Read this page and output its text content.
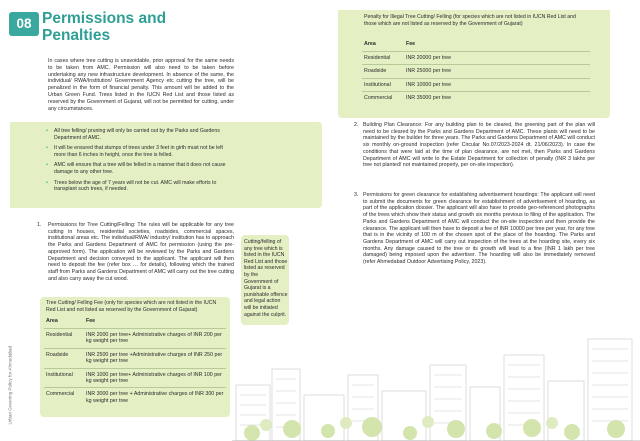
Urban Greening Policy for Ahmedabad
08 Permissions and
Penalties
In cases where tree cutting is unavoidable, prior approval for the same needs to be taken from AMC. Permission will also need to be taken before undertaking any new infrastructure development. In absence of the same, the individual/ RWA/Institution/ Government Agency etc cutting the tree, will be penalized in the form of financial penalty. This amount will be added to the Urban Green Fund. Trees listed in the IUCN Red List and those listed as reserved by the Government of Gujarat, will not be permitted for cutting, under any circumstances.
• All tree felling/ pruning will only be carried out by the Parks and Gardens Department of AMC.
• It will be ensured that stumps of trees under 3 feet in girth must not be left more than 6 inches in height, once the tree is felled.
• AMC will ensure that a tree will be felled in a manner that it does not cause damage to any other tree.
• Trees below the age of 7 years will not be cut. AMC will make efforts to transplant such trees, if needed.
1. Permissions for Tree Cutting/Felling: The rules will be applicable for any tree cutting in houses, residential societies, roadsides, commercial spaces, institutional areas etc. The individual/RWA/ industry/ institution has to approach the Parks and Gardens Department of AMC for permission (using the pre-approved form). The application will be reviewed by the Parks and Gardens Department and decision conveyed to the applicant. The applicant will then need to deposit the fee (refer box … for details), following which the trained staff from Parks and Gardens Department of AMC will carry out the tree cutting and also carry away the cut wood.
Tree Cutting/ Felling Fee (only for species which are not listed in the IUCN Red List and not listed as reserved by the Government of Gujarat)
Area	Fee
Residential	INR 2000 per tree+ Administrative charges of INR 200 per kg weight per tree
Roadside	INR 2500 per tree +Administrative charges of INR 250 per kg weight per tree
Institutional	INR 1000 per tree+ Administrative charges of INR 100 per kg weight per tree
Commercial	INR 3000 per tree + Administrative charges of INR 300 per kg weight per tree
Cutting/felling of any tree which is listed in the IUCN Red List and those listed as reserved by the Government of Gujarat is a punishable offence and legal action will be initiated against the culprit.
Penalty for Illegal Tree Cutting/ Felling (for species which are not listed in IUCN Red List and those which are not listed as reserved by the Government of Gujarat)
Area	Fee
Residential	INR 20000 per tree
Roadside	INR 25000 per tree
Institutional	INR 10000 per tree
Commercial	INR 35000 per tree
2. Building Plan Clearance: For any building plan to be cleared, the greening part of the plan will need to be cleared by the Parks and Gardens Department of AMC. These plants will need to be maintained by the builder for three years. The Parks and Gardens Department of AMC will conduct six monthly on-ground inspection (refer Circular No.07/2023-2024 dt. 21/06/2023). In case the conditions that were laid at the time of plan clearance, are not met, then Parks and Gardens Department of AMC will write to the Estate Department for collection of penalty (INR 3 lakhs per tree not planted/ not maintained properly, per on-site inspection).
3. Permissions for green clearance for establishing advertisement hoardings: The applicant will need to submit the documents for green clearance for establishment of advertisement of hoarding, as part of the application dossier. The applicant will also have to provide geo-referenced photographs of the trees which show their status and growth six months previous to filing of the application. The Parks and Gardens Department of AMC will conduct the on-site inspection and then provide the clearance. The applicant will then have to deposit a fee of INR 10000 per tree per year, for any tree that is in the vicinity of 100 m of the chosen spot of the place of the hoarding. The Parks and Gardens Department of AMC will carry out inspection of the trees at the hoarding site, every six months. Any damage caused to the tree or its growth will lead to a fine (INR 1 lakh per tree damaged) being imposed upon the advertiser. The hoarding will also be immediately removed (refer Ahmedabad Outdoor Advertising Policy, 2023).
